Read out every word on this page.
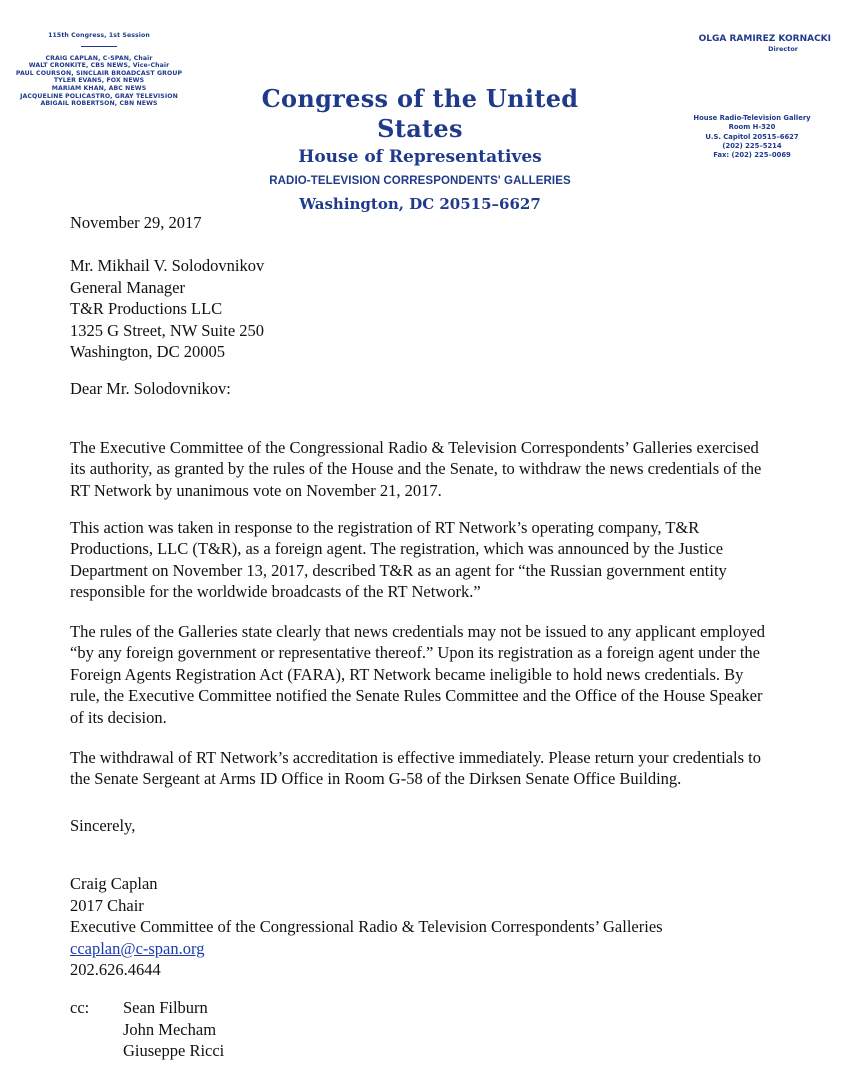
115th Congress, 1st Session
CRAIG CAPLAN, C-SPAN, Chair
WALT CRONKITE, CBS NEWS, Vice-Chair
PAUL COURSON, SINCLAIR BROADCAST GROUP
TYLER EVANS, FOX NEWS
MARIAM KHAN, ABC NEWS
JACQUELINE POLICASTRO, GRAY TELEVISION
ABIGAIL ROBERTSON, CBN NEWS	Congress of the United States
House of Representatives
RADIO-TELEVISION CORRESPONDENTS' GALLERIES
Washington, DC 20515–6627
OLGA RAMIREZ KORNACKI
Director
House Radio-Television Gallery
Room H-320
U.S. Capitol 20515–6627
(202) 225–5214
Fax: (202) 225–0069
November 29, 2017
Mr. Mikhail V. Solodovnikov
General Manager
T&R Productions LLC
1325 G Street, NW Suite 250
Washington, DC 20005
Dear Mr. Solodovnikov:

The Executive Committee of the Congressional Radio & Television Correspondents’ Galleries exercised its authority, as granted by the rules of the House and the Senate, to withdraw the news credentials of the RT Network by unanimous vote on November 21, 2017.

This action was taken in response to the registration of RT Network’s operating company, T&R Productions, LLC (T&R), as a foreign agent. The registration, which was announced by the Justice Department on November 13, 2017, described T&R as an agent for “the Russian government entity responsible for the worldwide broadcasts of the RT Network.”

The rules of the Galleries state clearly that news credentials may not be issued to any applicant employed “by any foreign government or representative thereof.” Upon its registration as a foreign agent under the Foreign Agents Registration Act (FARA), RT Network became ineligible to hold news credentials. By rule, the Executive Committee notified the Senate Rules Committee and the Office of the House Speaker of its decision.

The withdrawal of RT Network’s accreditation is effective immediately. Please return your credentials to the Senate Sergeant at Arms ID Office in Room G-58 of the Dirksen Senate Office Building.

Sincerely,
Craig Caplan
2017 Chair
Executive Committee of the Congressional Radio & Television Correspondents’ Galleries
ccaplan@c-span.org
202.626.4644
cc: Sean Filburn
John Mecham
Giuseppe Ricci
